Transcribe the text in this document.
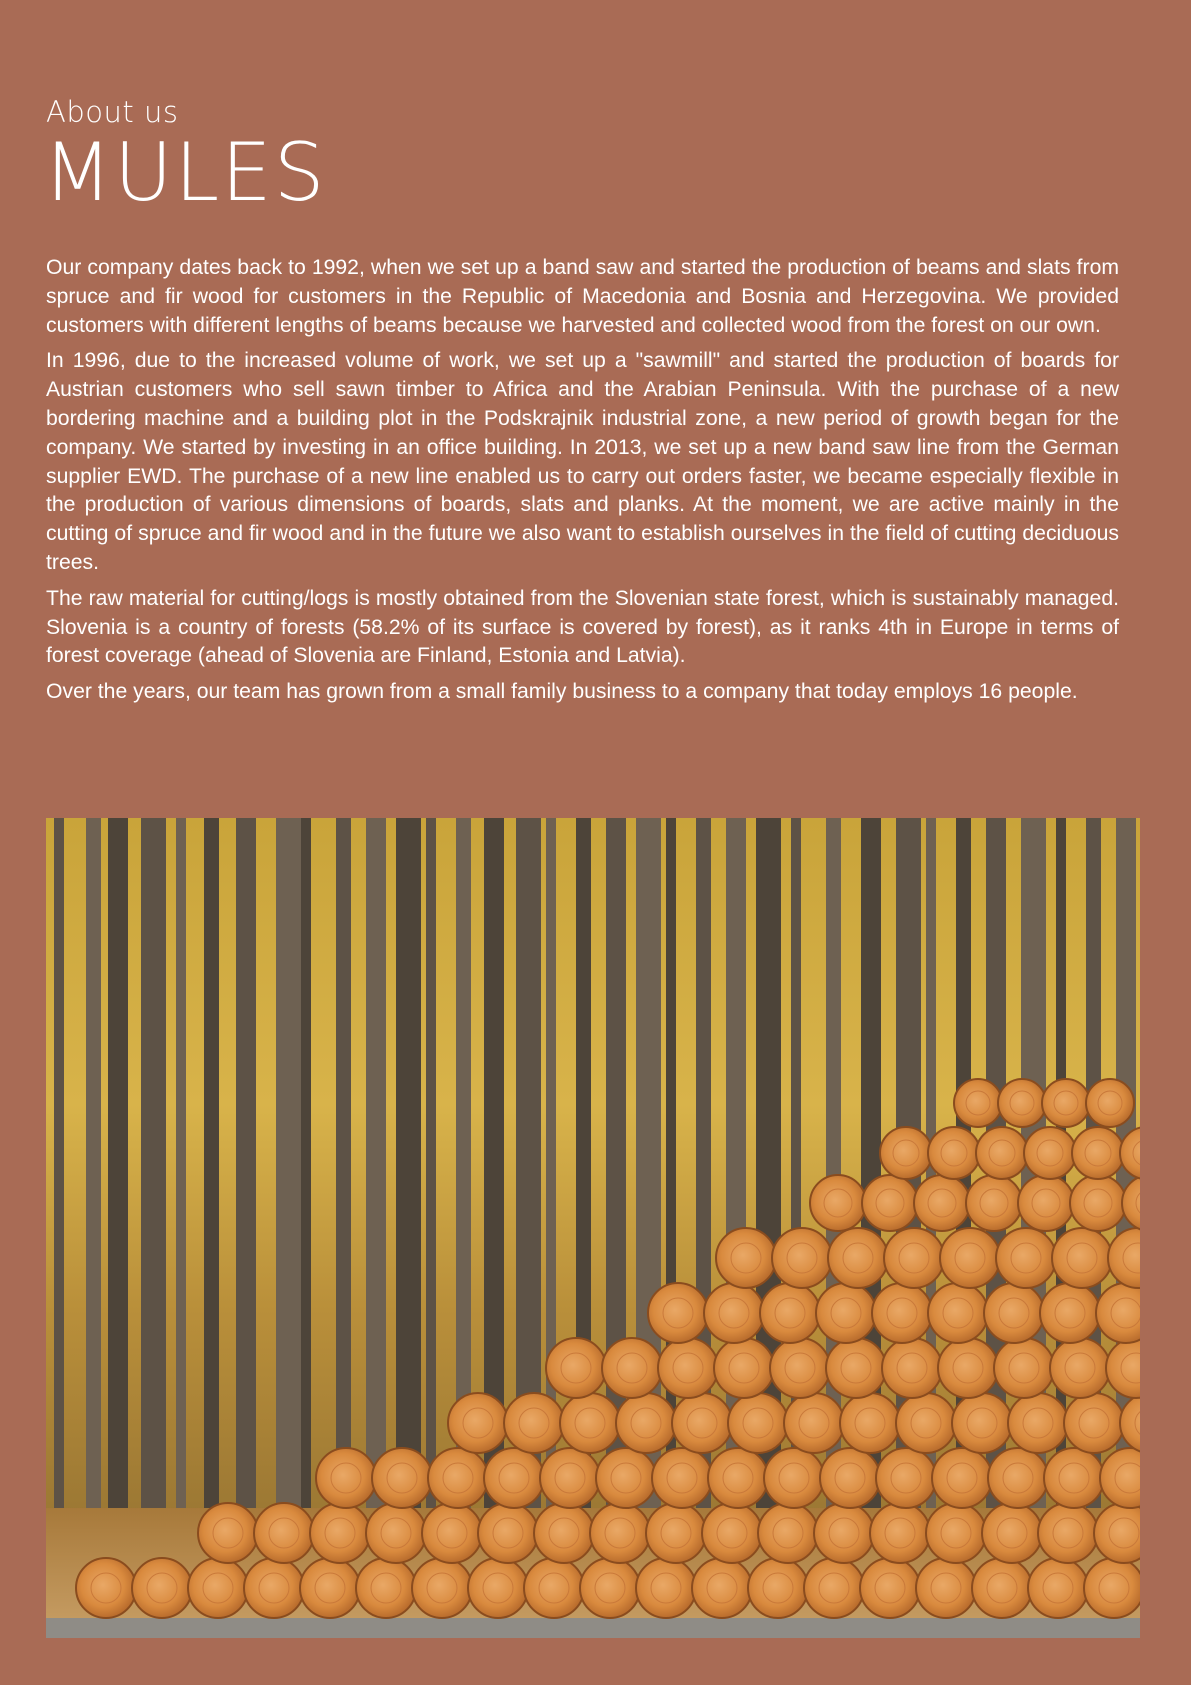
About us

MULES

Our company dates back to 1992, when we set up a band saw and started the production of beams and slats from spruce and fir wood for customers in the Republic of Macedonia and Bosnia and Herzegovina. We provided customers with different lengths of beams because we harvested and collected wood from the forest on our own.

In 1996, due to the increased volume of work, we set up a "sawmill" and started the production of boards for Austrian customers who sell sawn timber to Africa and the Arabian Peninsula. With the purchase of a new bordering machine and a building plot in the Podskrajnik industrial zone, a new period of growth began for the company. We started by investing in an office building. In 2013, we set up a new band saw line from the German supplier EWD. The purchase of a new line enabled us to carry out orders faster, we became especially flexible in the production of various dimensions of boards, slats and planks. At the moment, we are active mainly in the cutting of spruce and fir wood and in the future we also want to establish ourselves in the field of cutting deciduous trees.

The raw material for cutting/logs is mostly obtained from the Slovenian state forest, which is sustainably managed. Slovenia is a country of forests (58.2% of its surface is covered by forest), as it ranks 4th in Europe in terms of forest coverage (ahead of Slovenia are Finland, Estonia and Latvia).

Over the years, our team has grown from a small family business to a company that today employs 16 people.
